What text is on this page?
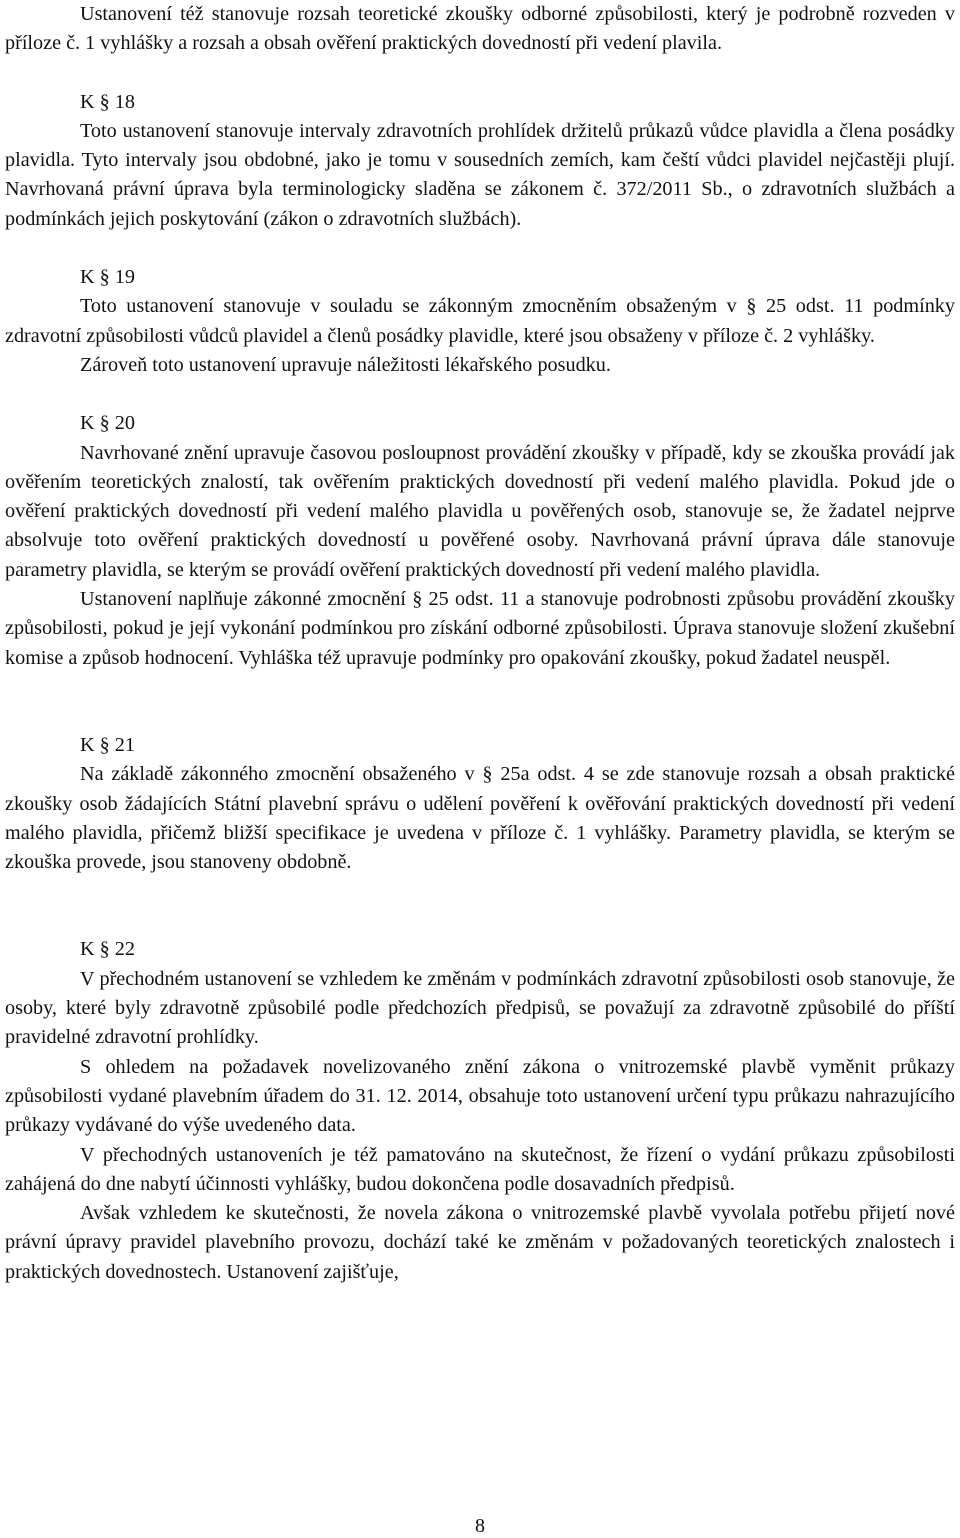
Ustanovení též stanovuje rozsah teoretické zkoušky odborné způsobilosti, který je podrobně rozveden v příloze č. 1 vyhlášky a rozsah a obsah ověření praktických dovedností při vedení plavila.

K § 18

Toto ustanovení stanovuje intervaly zdravotních prohlídek držitelů průkazů vůdce plavidla a člena posádky plavidla. Tyto intervaly jsou obdobné, jako je tomu v sousedních zemích, kam čeští vůdci plavidel nejčastěji plují. Navrhovaná právní úprava byla terminologicky sladěna se zákonem č. 372/2011 Sb., o zdravotních službách a podmínkách jejich poskytování (zákon o zdravotních službách).

K § 19

Toto ustanovení stanovuje v souladu se zákonným zmocněním obsaženým v § 25 odst. 11 podmínky zdravotní způsobilosti vůdců plavidel a členů posádky plavidle, které jsou obsaženy v příloze č. 2 vyhlášky.

Zároveň toto ustanovení upravuje náležitosti lékařského posudku.

K § 20

Navrhované znění upravuje časovou posloupnost provádění zkoušky v případě, kdy se zkouška provádí jak ověřením teoretických znalostí, tak ověřením praktických dovedností při vedení malého plavidla. Pokud jde o ověření praktických dovedností při vedení malého plavidla u pověřených osob, stanovuje se, že žadatel nejprve absolvuje toto ověření praktických dovedností u pověřené osoby. Navrhovaná právní úprava dále stanovuje parametry plavidla, se kterým se provádí ověření praktických dovedností při vedení malého plavidla.

Ustanovení naplňuje zákonné zmocnění § 25 odst. 11 a stanovuje podrobnosti způsobu provádění zkoušky způsobilosti, pokud je její vykonání podmínkou pro získání odborné způsobilosti. Úprava stanovuje složení zkušební komise a způsob hodnocení. Vyhláška též upravuje podmínky pro opakování zkoušky, pokud žadatel neuspěl.

K § 21

Na základě zákonného zmocnění obsaženého v § 25a odst. 4 se zde stanovuje rozsah a obsah praktické zkoušky osob žádajících Státní plavební správu o udělení pověření k ověřování praktických dovedností při vedení malého plavidla, přičemž bližší specifikace je uvedena v příloze č. 1 vyhlášky. Parametry plavidla, se kterým se zkouška provede, jsou stanoveny obdobně.

K § 22

V přechodném ustanovení se vzhledem ke změnám v podmínkách zdravotní způsobilosti osob stanovuje, že osoby, které byly zdravotně způsobilé podle předchozích předpisů, se považují za zdravotně způsobilé do příští pravidelné zdravotní prohlídky.

S ohledem na požadavek novelizovaného znění zákona o vnitrozemské plavbě vyměnit průkazy způsobilosti vydané plavebním úřadem do 31. 12. 2014, obsahuje toto ustanovení určení typu průkazu nahrazujícího průkazy vydávané do výše uvedeného data.

V přechodných ustanoveních je též pamatováno na skutečnost, že řízení o vydání průkazu způsobilosti zahájená do dne nabytí účinnosti vyhlášky, budou dokončena podle dosavadních předpisů.

Avšak vzhledem ke skutečnosti, že novela zákona o vnitrozemské plavbě vyvolala potřebu přijetí nové právní úpravy pravidel plavebního provozu, dochází také ke změnám v požadovaných teoretických znalostech i praktických dovednostech. Ustanovení zajišťuje,

8
